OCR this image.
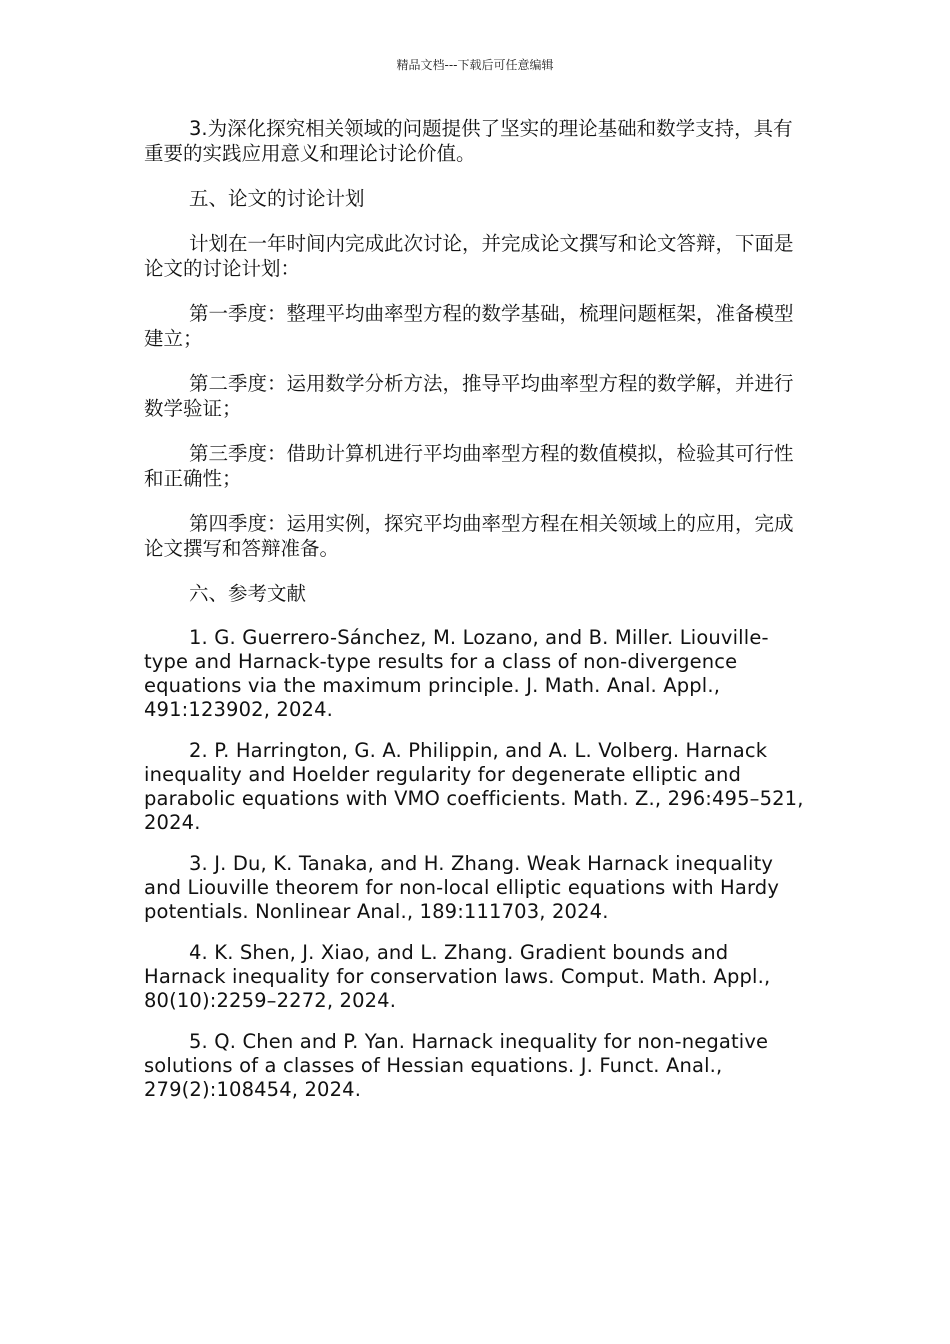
精品文档---下载后可任意编辑

3.为深化探究相关领域的问题提供了坚实的理论基础和数学支持，具有重要的实践应用意义和理论讨论价值。

五、论文的讨论计划

计划在一年时间内完成此次讨论，并完成论文撰写和论文答辩，下面是论文的讨论计划：

第一季度：整理平均曲率型方程的数学基础，梳理问题框架，准备模型建立；

第二季度：运用数学分析方法，推导平均曲率型方程的数学解，并进行数学验证；

第三季度：借助计算机进行平均曲率型方程的数值模拟，检验其可行性和正确性；

第四季度：运用实例，探究平均曲率型方程在相关领域上的应用，完成论文撰写和答辩准备。

六、参考文献

1. G. Guerrero-Sánchez, M. Lozano, and B. Miller. Liouville-type and Harnack-type results for a class of non-divergence equations via the maximum principle. J. Math. Anal. Appl., 491:123902, 2024.

2. P. Harrington, G. A. Philippin, and A. L. Volberg. Harnack inequality and Hoelder regularity for degenerate elliptic and parabolic equations with VMO coefficients. Math. Z., 296:495–521, 2024.

3. J. Du, K. Tanaka, and H. Zhang. Weak Harnack inequality and Liouville theorem for non-local elliptic equations with Hardy potentials. Nonlinear Anal., 189:111703, 2024.

4. K. Shen, J. Xiao, and L. Zhang. Gradient bounds and Harnack inequality for conservation laws. Comput. Math. Appl., 80(10):2259–2272, 2024.

5. Q. Chen and P. Yan. Harnack inequality for non-negative solutions of a classes of Hessian equations. J. Funct. Anal., 279(2):108454, 2024.
